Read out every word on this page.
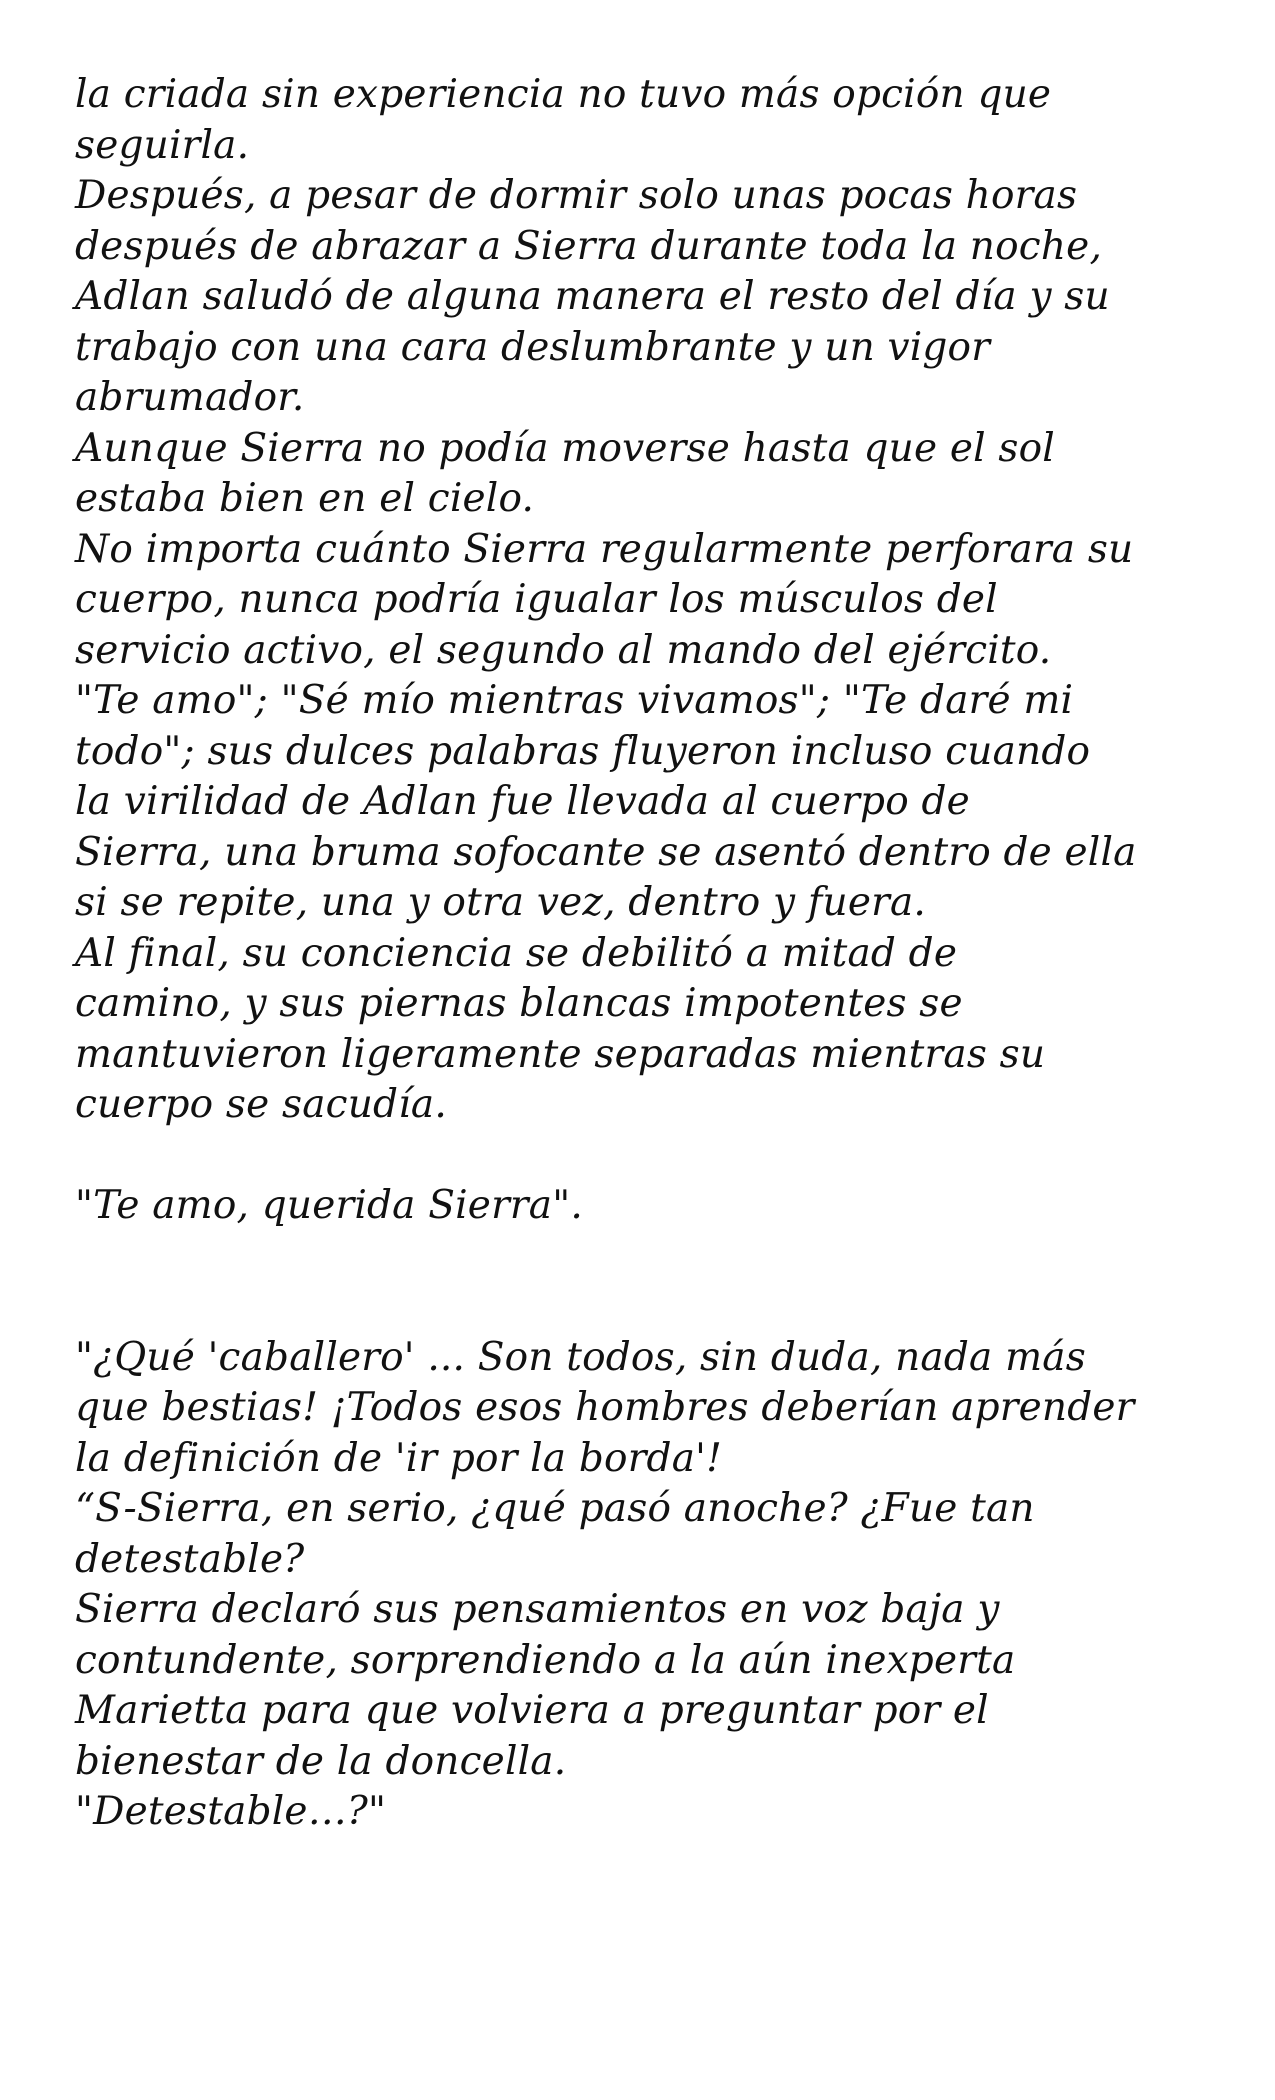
la criada sin experiencia no tuvo más opción que
seguirla.
Después, a pesar de dormir solo unas pocas horas
después de abrazar a Sierra durante toda la noche,
Adlan saludó de alguna manera el resto del día y su
trabajo con una cara deslumbrante y un vigor
abrumador.
Aunque Sierra no podía moverse hasta que el sol
estaba bien en el cielo.
No importa cuánto Sierra regularmente perforara su
cuerpo, nunca podría igualar los músculos del
servicio activo, el segundo al mando del ejército.
"Te amo"; "Sé mío mientras vivamos"; "Te daré mi
todo"; sus dulces palabras fluyeron incluso cuando
la virilidad de Adlan fue llevada al cuerpo de
Sierra, una bruma sofocante se asentó dentro de ella
si se repite, una y otra vez, dentro y fuera.
Al final, su conciencia se debilitó a mitad de
camino, y sus piernas blancas impotentes se
mantuvieron ligeramente separadas mientras su
cuerpo se sacudía.
"Te amo, querida Sierra".
"¿Qué 'caballero' ... Son todos, sin duda, nada más
que bestias! ¡Todos esos hombres deberían aprender
la definición de 'ir por la borda'!
“S-Sierra, en serio, ¿qué pasó anoche? ¿Fue tan
detestable?
Sierra declaró sus pensamientos en voz baja y
contundente, sorprendiendo a la aún inexperta
Marietta para que volviera a preguntar por el
bienestar de la doncella.
"Detestable…?"
